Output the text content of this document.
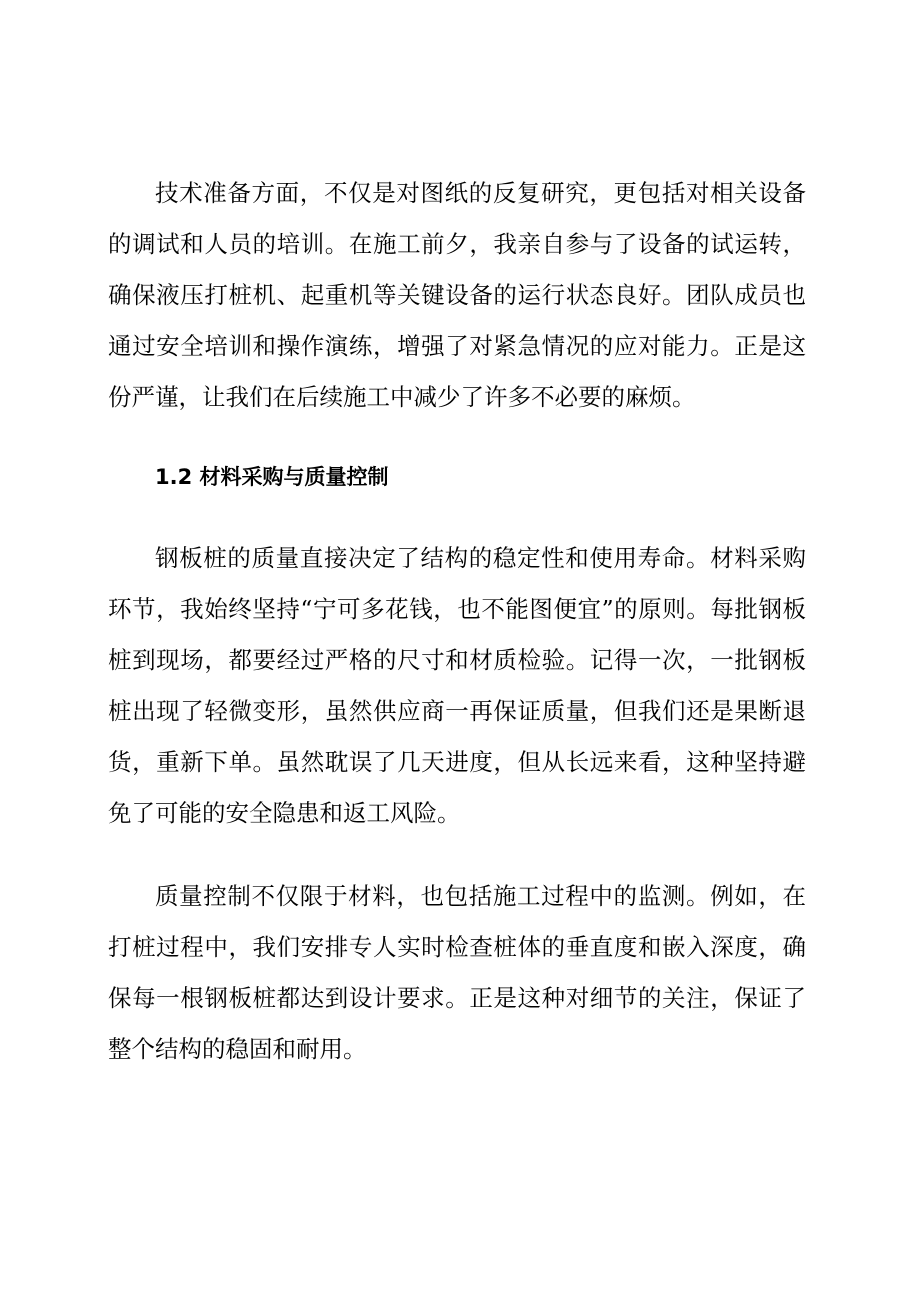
技术准备方面，不仅是对图纸的反复研究，更包括对相关设备的调试和人员的培训。在施工前夕，我亲自参与了设备的试运转，确保液压打桩机、起重机等关键设备的运行状态良好。团队成员也通过安全培训和操作演练，增强了对紧急情况的应对能力。正是这份严谨，让我们在后续施工中减少了许多不必要的麻烦。

1.2 材料采购与质量控制

钢板桩的质量直接决定了结构的稳定性和使用寿命。材料采购环节，我始终坚持“宁可多花钱，也不能图便宜”的原则。每批钢板桩到现场，都要经过严格的尺寸和材质检验。记得一次，一批钢板桩出现了轻微变形，虽然供应商一再保证质量，但我们还是果断退货，重新下单。虽然耽误了几天进度，但从长远来看，这种坚持避免了可能的安全隐患和返工风险。

质量控制不仅限于材料，也包括施工过程中的监测。例如，在打桩过程中，我们安排专人实时检查桩体的垂直度和嵌入深度，确保每一根钢板桩都达到设计要求。正是这种对细节的关注，保证了整个结构的稳固和耐用。
